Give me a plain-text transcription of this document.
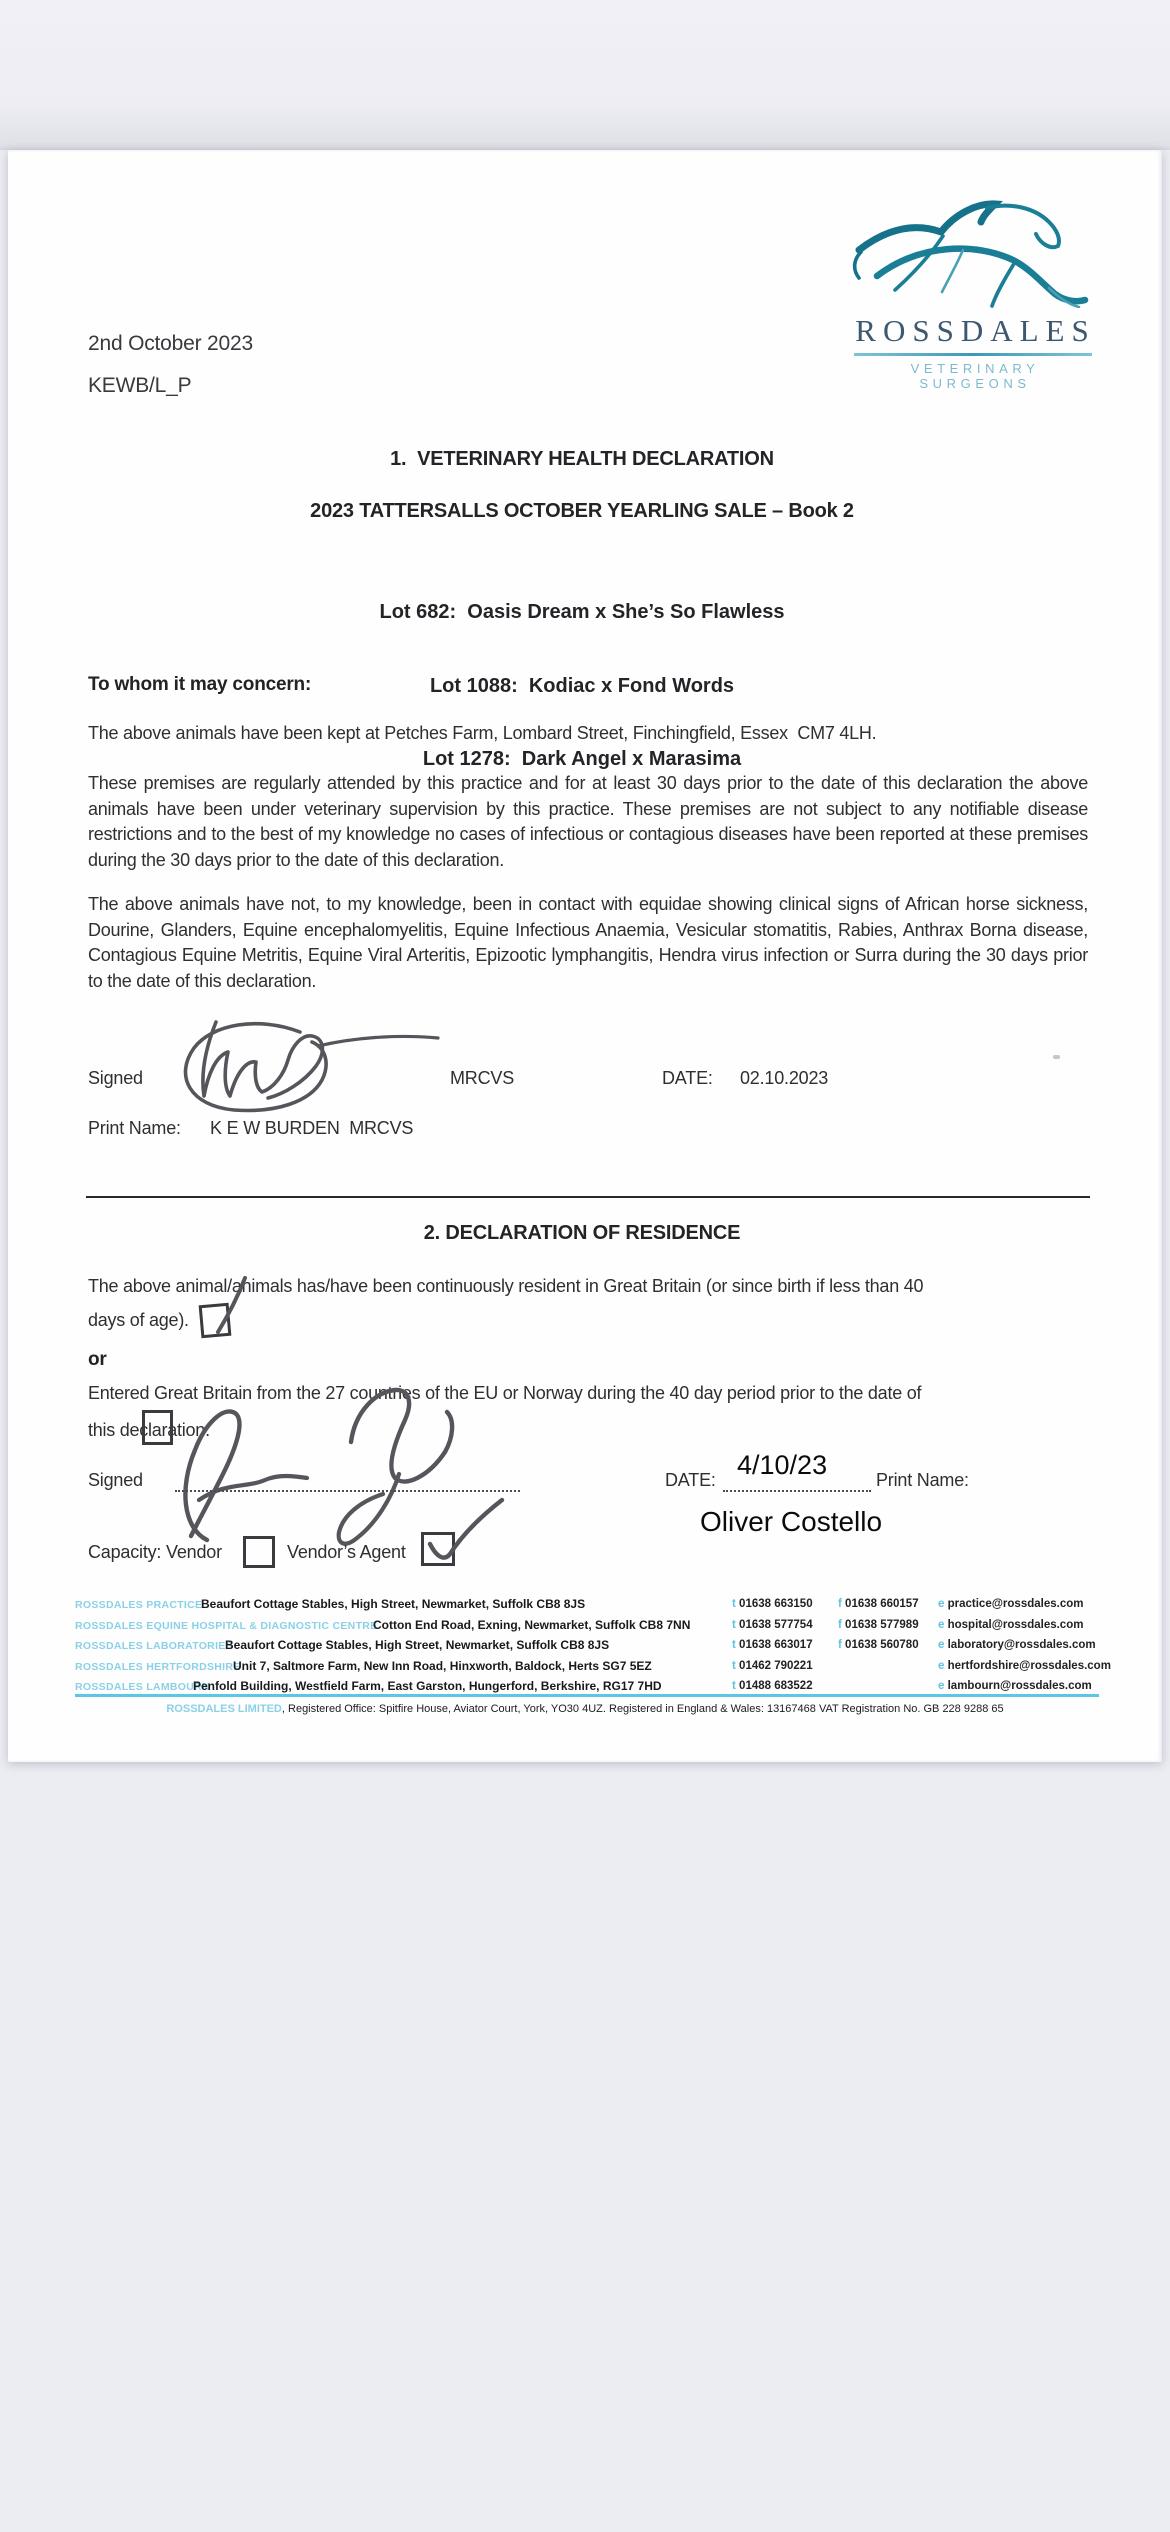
2nd October 2023
KEWB/L_P
ROSSDALES
VETERINARY SURGEONS
1.  VETERINARY HEALTH DECLARATION
2023 TATTERSALLS OCTOBER YEARLING SALE – Book 2

Lot 682:  Oasis Dream x She’s So Flawless

Lot 1088:  Kodiac x Fond Words

Lot 1278:  Dark Angel x Marasima

To whom it may concern:
The above animals have been kept at Petches Farm, Lombard Street, Finchingfield, Essex  CM7 4LH.
These premises are regularly attended by this practice and for at least 30 days prior to the date of this declaration the above animals have been under veterinary supervision by this practice. These premises are not subject to any notifiable disease restrictions and to the best of my knowledge no cases of infectious or contagious diseases have been reported at these premises during the 30 days prior to the date of this declaration.
The above animals have not, to my knowledge, been in contact with equidae showing clinical signs of African horse sickness, Dourine, Glanders, Equine encephalomyelitis, Equine Infectious Anaemia, Vesicular stomatitis, Rabies, Anthrax Borna disease, Contagious Equine Metritis, Equine Viral Arteritis, Epizootic lymphangitis, Hendra virus infection or Surra during the 30 days prior to the date of this declaration.
Signed	MRCVS	DATE: 02.10.2023
Print Name: K E W BURDEN  MRCVS
2. DECLARATION OF RESIDENCE
The above animal/animals has/have been continuously resident in Great Britain (or since birth if less than 40
days of age).
or
Entered Great Britain from the 27 countries of the EU or Norway during the 40 day period prior to the date of
this declaration.
Signed	DATE: 4/10/23	Print Name:
Oliver Costello
Capacity: Vendor	Vendor’s Agent
ROSSDALES PRACTICE
Beaufort Cottage Stables, High Street, Newmarket, Suffolk CB8 8JS	t 01638 663150 f 01638 660157 e practice@rossdales.com
ROSSDALES EQUINE HOSPITAL & DIAGNOSTIC CENTRE
Cotton End Road, Exning, Newmarket, Suffolk CB8 7NN	t 01638 577754 f 01638 577989 e hospital@rossdales.com
ROSSDALES LABORATORIES
Beaufort Cottage Stables, High Street, Newmarket, Suffolk CB8 8JS	t 01638 663017 f 01638 560780 e laboratory@rossdales.com
ROSSDALES HERTFORDSHIRE
Unit 7, Saltmore Farm, New Inn Road, Hinxworth, Baldock, Herts SG7 5EZ	t 01462 790221	e hertfordshire@rossdales.com
ROSSDALES LAMBOURN
Penfold Building, Westfield Farm, East Garston, Hungerford, Berkshire, RG17 7HD	t 01488 683522	e lambourn@rossdales.com
ROSSDALES LIMITED, Registered Office: Spitfire House, Aviator Court, York, YO30 4UZ. Registered in England & Wales: 13167468 VAT Registration No. GB 228 9288 65
